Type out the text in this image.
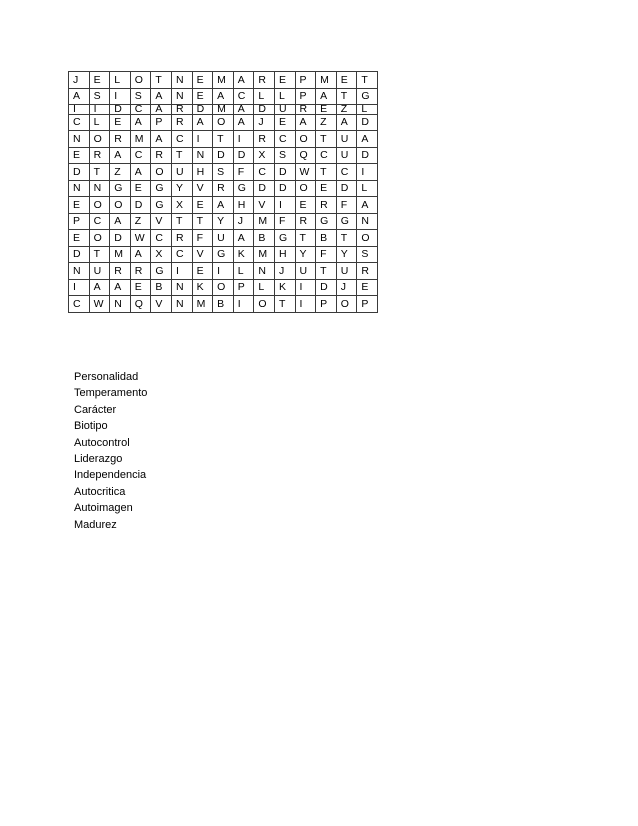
J	E	L	O	T	N	E	M	A	R	E	P	M	E	T
A	S	I	S	A	N	E	A	C	L	L	P	A	T	G
I	I	D	C	A	R	D	M	A	D	U	R	E	Z	L
C	L	E	A	P	R	A	O	A	J	E	A	Z	A	D
N	O	R	M	A	C	I	T	I	R	C	O	T	U	A
E	R	A	C	R	T	N	D	D	X	S	Q	C	U	D
D	T	Z	A	O	U	H	S	F	C	D	W	T	C	I
N	N	G	E	G	Y	V	R	G	D	D	O	E	D	L
E	O	O	D	G	X	E	A	H	V	I	E	R	F	A
P	C	A	Z	V	T	T	Y	J	M	F	R	G	G	N
E	O	D	W	C	R	F	U	A	B	G	T	B	T	O
D	T	M	A	X	C	V	G	K	M	H	Y	F	Y	S
N	U	R	R	G	I	E	I	L	N	J	U	T	U	R
I	A	A	E	B	N	K	O	P	L	K	I	D	J	E
C	W	N	Q	V	N	M	B	I	O	T	I	P	O	P
Personalidad
Temperamento
Carácter
Biotipo
Autocontrol
Liderazgo
Independencia
Autocritica
Autoimagen
Madurez
